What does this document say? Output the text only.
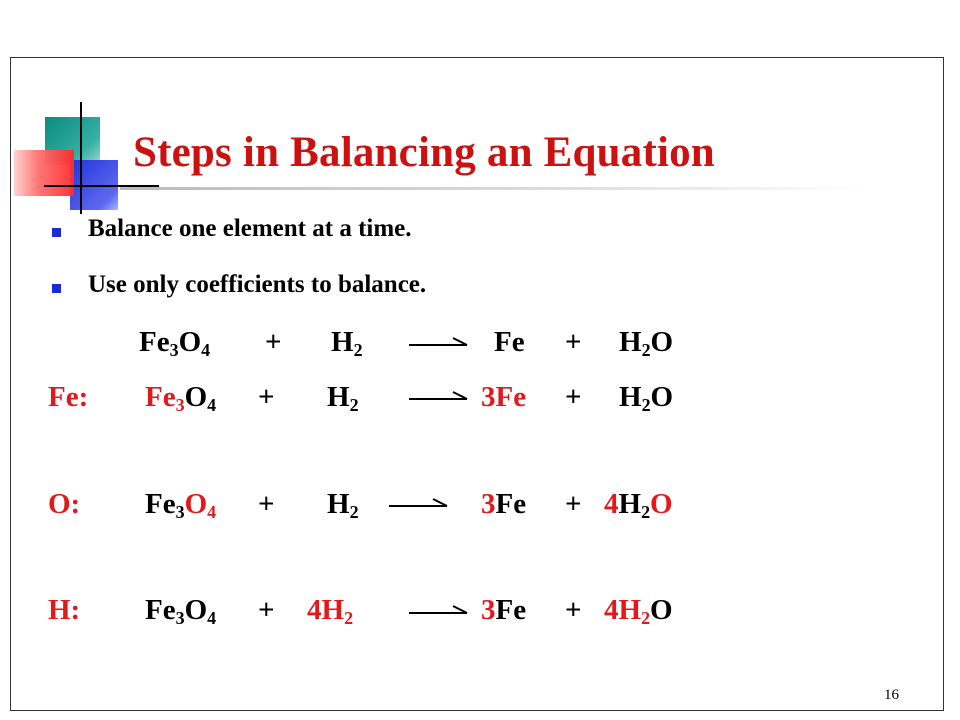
Steps in Balancing an Equation
Balance one element at a time.
Use only coefficients to balance.
$Fe_3O_4 + H_2$	$Fe + H_2O$
Fe: $Fe_3O_4 + H_2$	$3Fe + H_2O$
O: $Fe_3O_4 + H_2$	$3Fe + 4H_2O$
H: $Fe_3O_4 + 4H_2$	$3Fe + 4H_2O$
16
